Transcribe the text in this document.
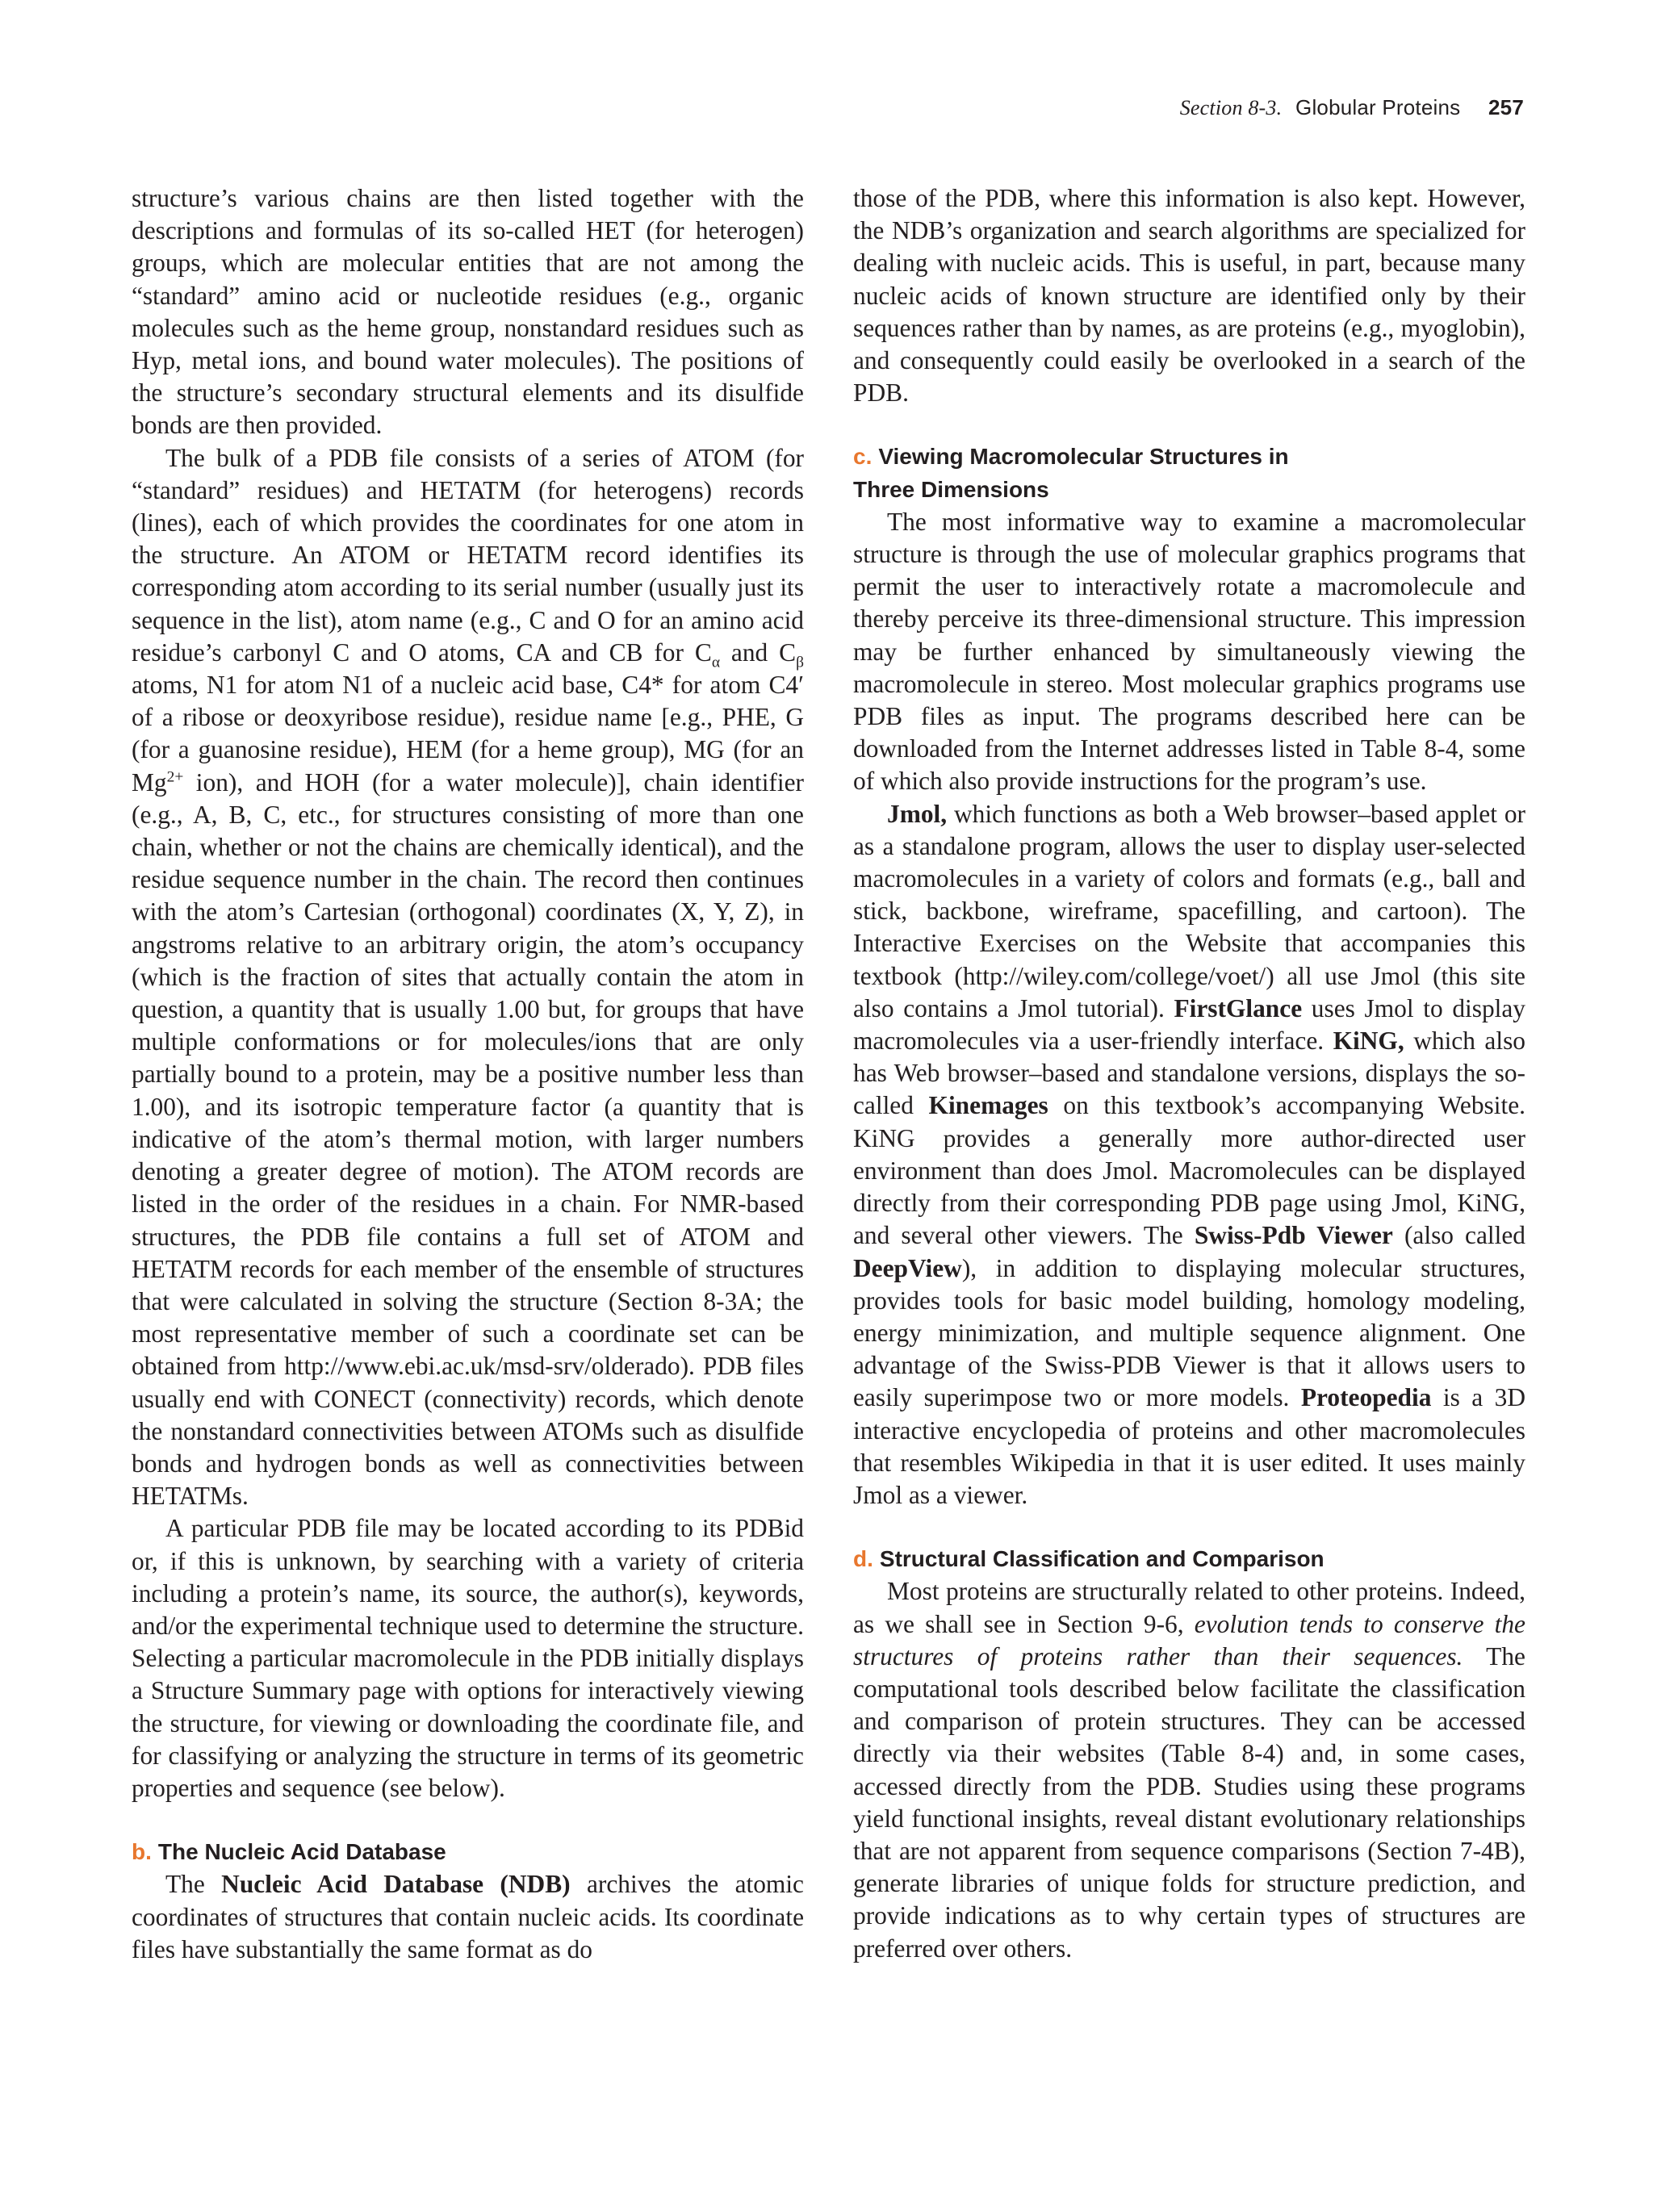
Section 8-3. Globular Proteins 257

structure’s various chains are then listed together with the descriptions and formulas of its so-called HET (for heterogen) groups, which are molecular entities that are not among the “standard” amino acid or nucleotide residues (e.g., organic molecules such as the heme group, nonstandard residues such as Hyp, metal ions, and bound water molecules). The positions of the structure’s secondary structural elements and its disulfide bonds are then provided.

The bulk of a PDB file consists of a series of ATOM (for “standard” residues) and HETATM (for heterogens) records (lines), each of which provides the coordinates for one atom in the structure. An ATOM or HETATM record identifies its corresponding atom according to its serial number (usually just its sequence in the list), atom name (e.g., C and O for an amino acid residue’s carbonyl C and O atoms, CA and CB for $C_\alpha$ and $C_\beta$ atoms, N1 for atom N1 of a nucleic acid base, C4* for atom C4′ of a ribose or deoxyribose residue), residue name [e.g., PHE, G (for a guanosine residue), HEM (for a heme group), MG (for an $Mg^{2+}$ ion), and HOH (for a water molecule)], chain identifier (e.g., A, B, C, etc., for structures consisting of more than one chain, whether or not the chains are chemically identical), and the residue sequence number in the chain. The record then continues with the atom’s Cartesian (orthogonal) coordinates (X, Y, Z), in angstroms relative to an arbitrary origin, the atom’s occupancy (which is the fraction of sites that actually contain the atom in question, a quantity that is usually 1.00 but, for groups that have multiple conformations or for molecules/ions that are only partially bound to a protein, may be a positive number less than 1.00), and its isotropic temperature factor (a quantity that is indicative of the atom’s thermal motion, with larger numbers denoting a greater degree of motion). The ATOM records are listed in the order of the residues in a chain. For NMR-based structures, the PDB file contains a full set of ATOM and HETATM records for each member of the ensemble of structures that were calculated in solving the structure (Section 8-3A; the most representative member of such a coordinate set can be obtained from http://www.ebi.ac.uk/msd-srv/olderado). PDB files usually end with CONECT (connectivity) records, which denote the nonstandard connectivities between ATOMs such as disulfide bonds and hydrogen bonds as well as connectivities between HETATMs.

A particular PDB file may be located according to its PDBid or, if this is unknown, by searching with a variety of criteria including a protein’s name, its source, the author(s), keywords, and/or the experimental technique used to determine the structure. Selecting a particular macromolecule in the PDB initially displays a Structure Summary page with options for interactively viewing the structure, for viewing or downloading the coordinate file, and for classifying or analyzing the structure in terms of its geometric properties and sequence (see below).

b. The Nucleic Acid Database

The Nucleic Acid Database (NDB) archives the atomic coordinates of structures that contain nucleic acids. Its coordinate files have substantially the same format as do

those of the PDB, where this information is also kept. However, the NDB’s organization and search algorithms are specialized for dealing with nucleic acids. This is useful, in part, because many nucleic acids of known structure are identified only by their sequences rather than by names, as are proteins (e.g., myoglobin), and consequently could easily be overlooked in a search of the PDB.

c. Viewing Macromolecular Structures in
Three Dimensions

The most informative way to examine a macromolecular structure is through the use of molecular graphics programs that permit the user to interactively rotate a macromolecule and thereby perceive its three-dimensional structure. This impression may be further enhanced by simultaneously viewing the macromolecule in stereo. Most molecular graphics programs use PDB files as input. The programs described here can be downloaded from the Internet addresses listed in Table 8-4, some of which also provide instructions for the program’s use.

Jmol, which functions as both a Web browser–based applet or as a standalone program, allows the user to display user-selected macromolecules in a variety of colors and formats (e.g., ball and stick, backbone, wireframe, spacefilling, and cartoon). The Interactive Exercises on the Website that accompanies this textbook (http://wiley.com/college/voet/) all use Jmol (this site also contains a Jmol tutorial). FirstGlance uses Jmol to display macromolecules via a user-friendly interface. KiNG, which also has Web browser–based and standalone versions, displays the so-called Kinemages on this textbook’s accompanying Website. KiNG provides a generally more author-directed user environment than does Jmol. Macromolecules can be displayed directly from their corresponding PDB page using Jmol, KiNG, and several other viewers. The Swiss-Pdb Viewer (also called DeepView), in addition to displaying molecular structures, provides tools for basic model building, homology modeling, energy minimization, and multiple sequence alignment. One advantage of the Swiss-PDB Viewer is that it allows users to easily superimpose two or more models. Proteopedia is a 3D interactive encyclopedia of proteins and other macromolecules that resembles Wikipedia in that it is user edited. It uses mainly Jmol as a viewer.

d. Structural Classification and Comparison

Most proteins are structurally related to other proteins. Indeed, as we shall see in Section 9-6, evolution tends to conserve the structures of proteins rather than their sequences. The computational tools described below facilitate the classification and comparison of protein structures. They can be accessed directly via their websites (Table 8-4) and, in some cases, accessed directly from the PDB. Studies using these programs yield functional insights, reveal distant evolutionary relationships that are not apparent from sequence comparisons (Section 7-4B), generate libraries of unique folds for structure prediction, and provide indications as to why certain types of structures are preferred over others.
